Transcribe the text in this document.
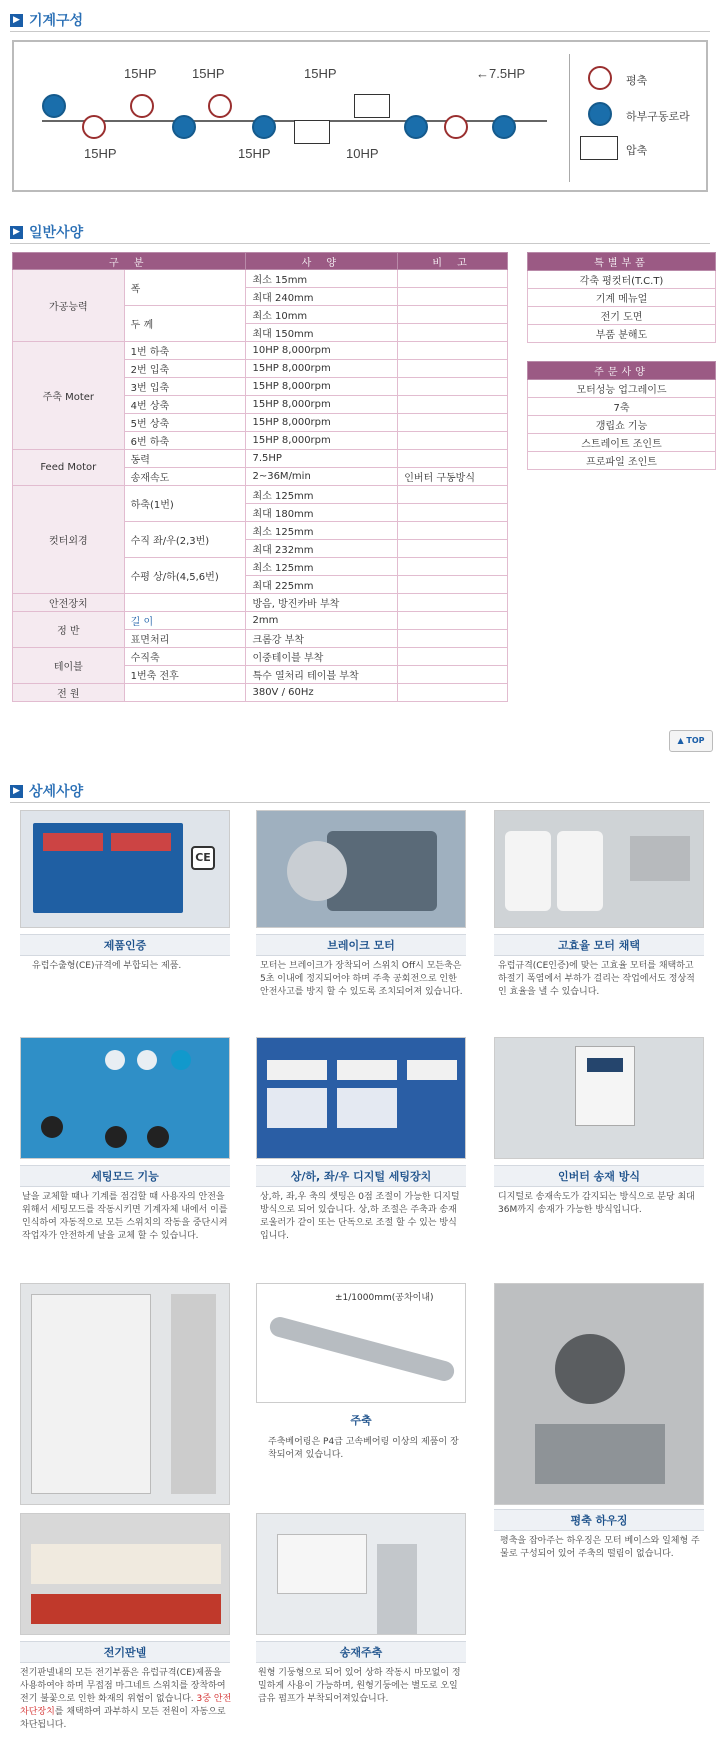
▶ 기계구성
15HP	15HP	15HP	←7.5HP
15HP	15HP	10HP
평축
하부구동로라
압축
▶ 일반사양
구 분		사 양	비 고
가공능력	폭	최소 15mm	
		최대 240mm	
	두 께	최소 10mm	
		최대 150mm	
주축 Moter	1번 하축	10HP 8,000rpm	
	2번 입축	15HP 8,000rpm	
	3번 입축	15HP 8,000rpm	
	4번 상축	15HP 8,000rpm	
	5번 상축	15HP 8,000rpm	
	6번 하축	15HP 8,000rpm	
Feed Motor	동력	7.5HP	
	송재속도	2~36M/min	인버터 구동방식
컷터외경	하축(1번)	최소 125mm	
		최대 180mm	
	수직 좌/우(2,3번)	최소 125mm	
		최대 232mm	
	수평 상/하(4,5,6번)	최소 125mm	
		최대 225mm	
안전장치		방음, 방진카바 부착	
정 반	길 이	2mm	
	표면처리	크롬강 부착	
테이블	수직축	이중테이블 부착	
	1번축 전후	특수 열처리 테이블 부착	
전 원		380V / 60Hz	
특별부품
각축 평컷터(T.C.T)
기계 메뉴얼
전기 도면
부품 분해도
주문사양
모터성능 업그레이드
7축
갱립쇼 기능
스트레이트 조인트
프로파일 조인트
▲ TOP
▶ 상세사양
CE
제품인증
유럽수출형(CE)규격에 부합되는 제품.
브레이크 모터
모터는 브레이크가 장착되어 스위치 Off시 모든축은 5초 이내에 정지되어야 하며 주축 공회전으로 인한 안전사고를 방지 할 수 있도록 조치되어져 있습니다.
고효율 모터 채택
유럽규격(CE인증)에 맞는 고효율 모터를 채택하고 하절기 폭염에서 부하가 걸리는 작업에서도 정상적인 효율을 낼 수 있습니다.
세팅모드 기능
날을 교체할 때나 기계를 점검할 때 사용자의 안전을 위해서 세팅모드를 작동시키면 기계자체 내에서 이를 인식하여 자동적으로 모든 스위치의 작동을 중단시켜 작업자가 안전하게 날을 교체 할 수 있습니다.
상/하, 좌/우 디지털 세팅장치
상,하, 좌,우 축의 셋팅은 0점 조절이 가능한 디지털 방식으로 되어 있습니다. 상,하 조절은 주축과 송재 로울러가 같이 또는 단독으로 조절 할 수 있는 방식입니다.
인버터 송재 방식
디지털로 송재속도가 감지되는 방식으로 분당 최대36M까지 송재가 가능한 방식입니다.
±1/1000mm(공차이내)
주축
주축베어링은 P4급 고속베어링 이상의 제품이 장착되어져 있습니다.
평축 하우징
평축을 잡아주는 하우징은 모터 베이스와 일체형 주물로 구성되어 있어 주축의 떨림이 없습니다.
전기판넬
전기판넬내의 모든 전기부품은 유럽규격(CE)제품을 사용하여야 하며 무접점 마그네트 스위치를 장착하여 전기 불꽃으로 인한 화재의 위험이 없습니다. 3중 안전차단장치를 채택하여 과부하시 모든 전원이 자동으로 차단됩니다.
송재주축
원형 기둥형으로 되어 있어 상하 작동시 마모없이 정밀하게 사용이 가능하며, 원형기둥에는 별도로 오일 급유 펌프가 부착되어져있습니다.
